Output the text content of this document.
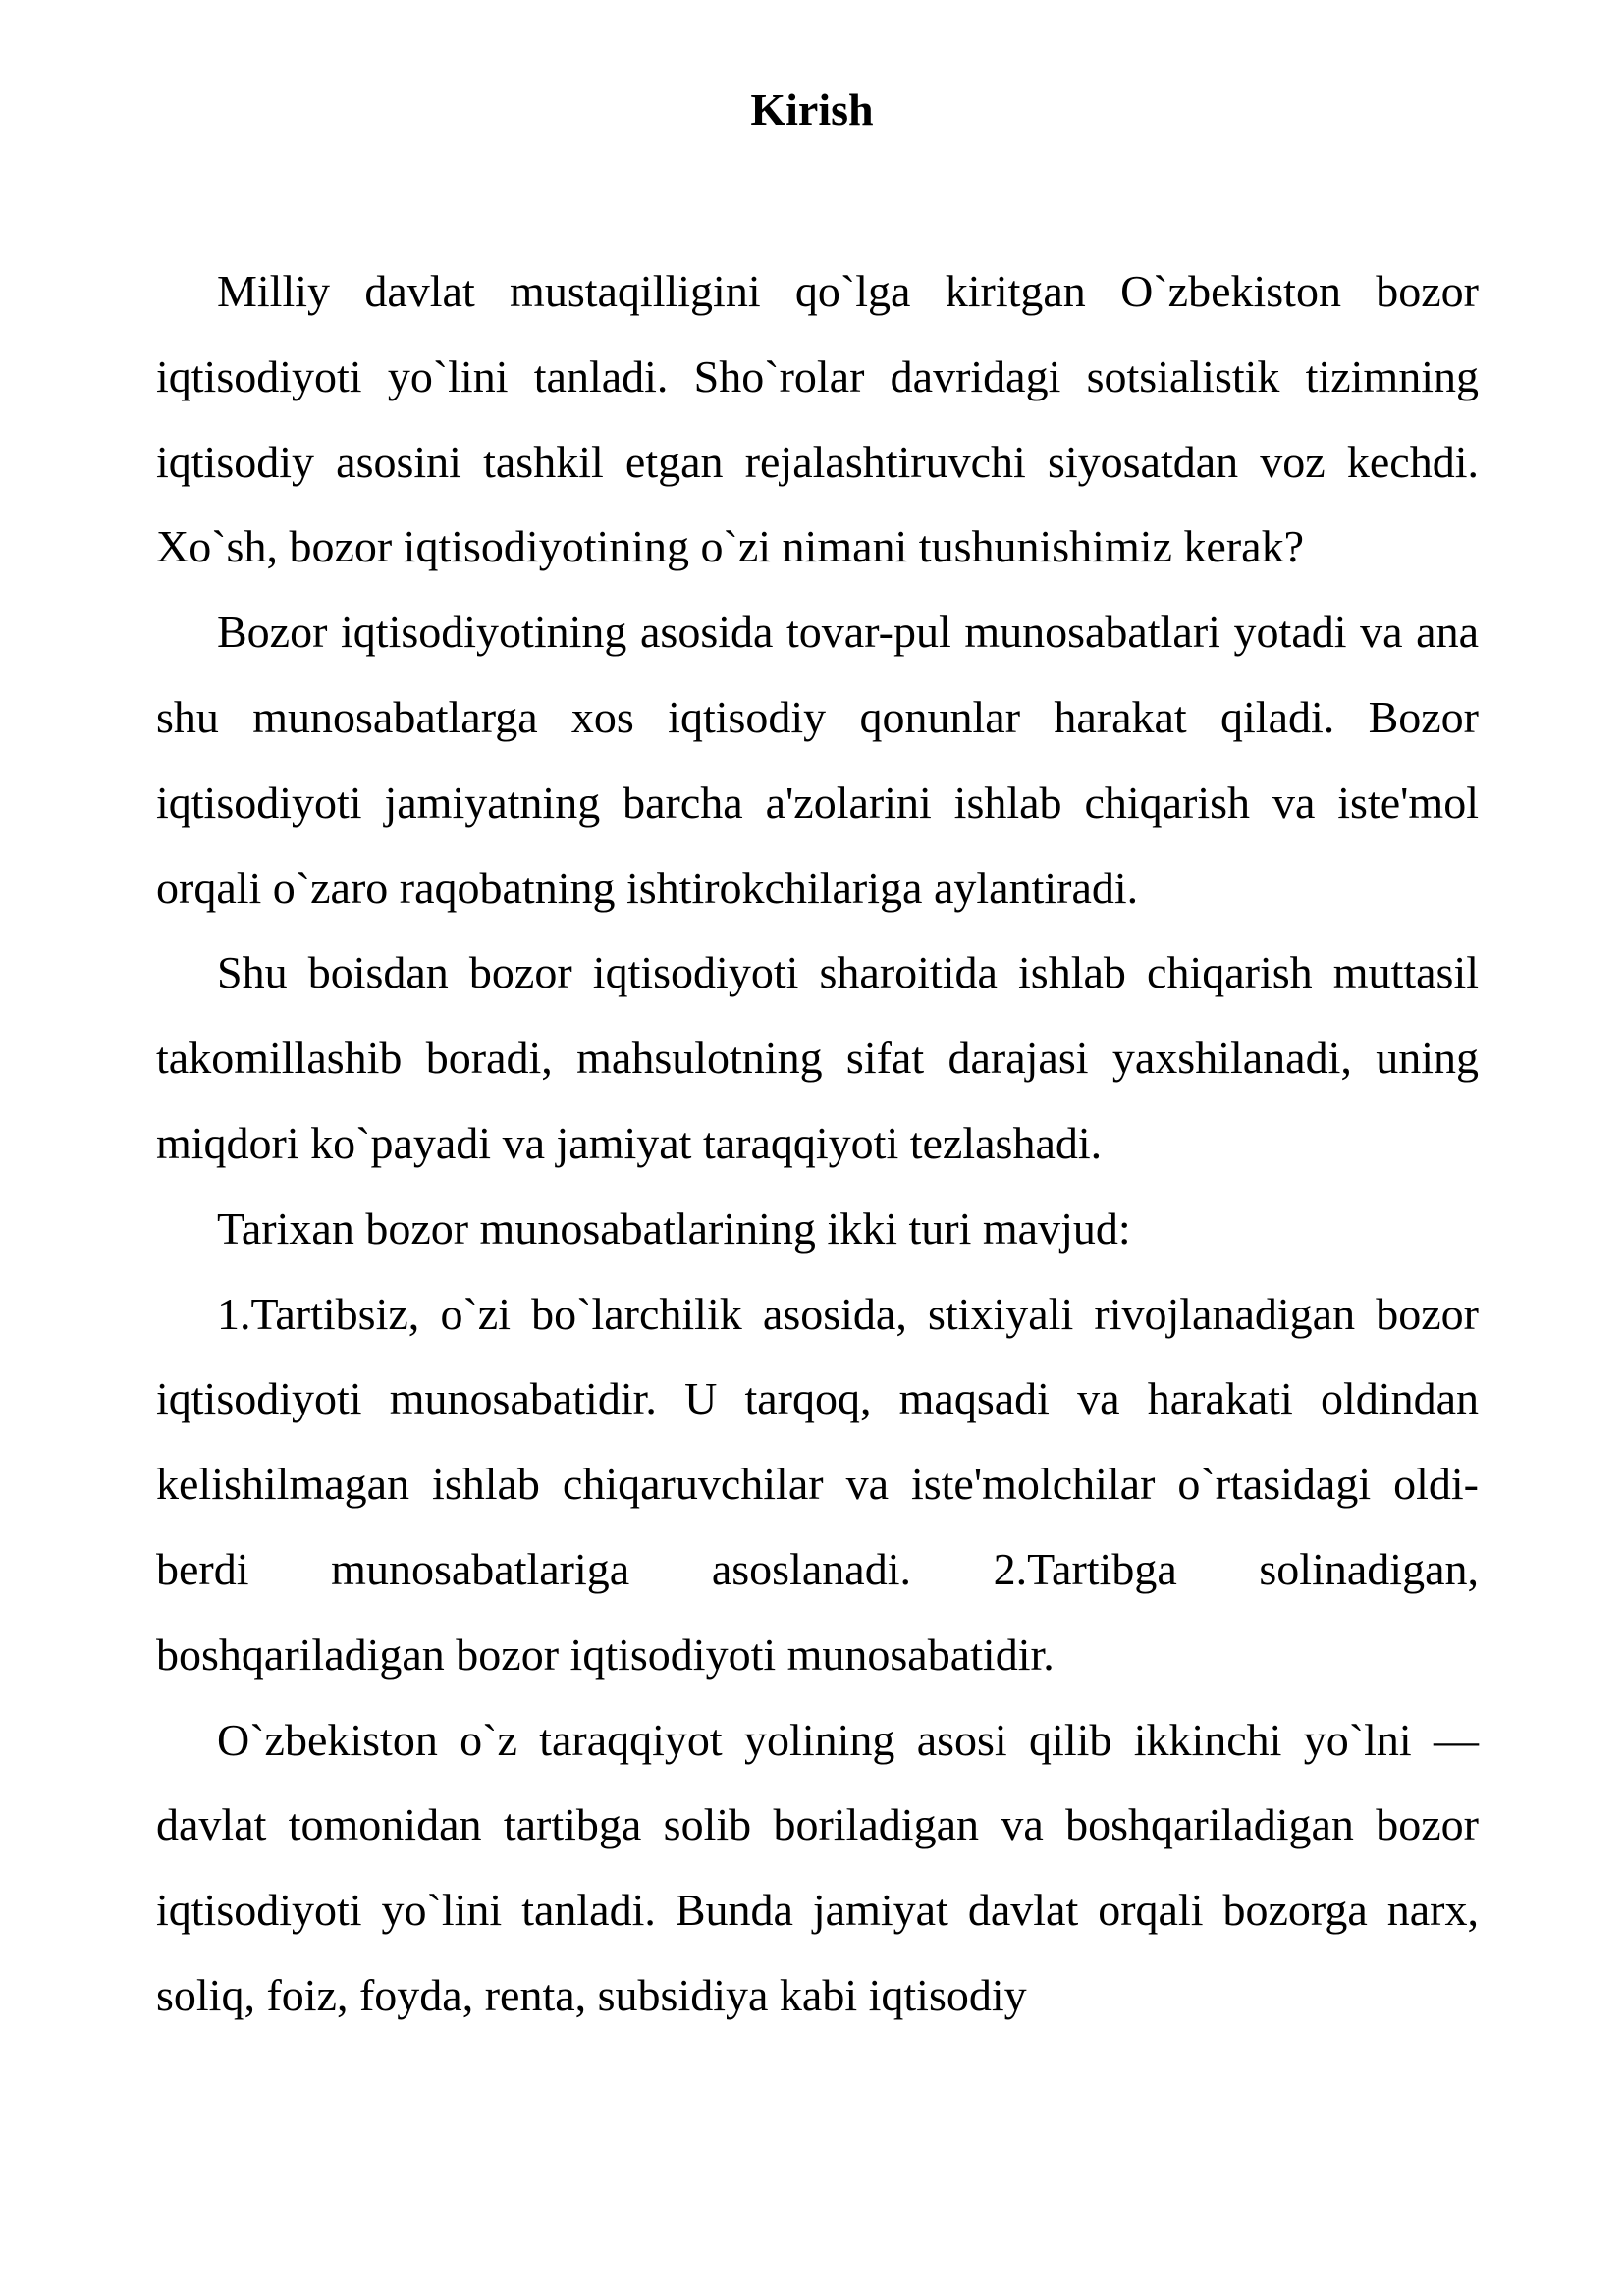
Kirish

Milliy davlat mustaqilligini qo`lga kiritgan O`zbekiston bozor iqtisodiyoti yo`lini tanladi. Sho`rolar davridagi sotsialistik tizimning iqtisodiy asosini tashkil etgan rejalashtiruvchi siyosatdan voz kechdi. Xo`sh, bozor iqtisodiyotining o`zi nimani tushunishimiz kerak?

Bozor iqtisodiyotining asosida tovar-pul munosabatlari yotadi va ana shu munosabatlarga xos iqtisodiy qonunlar harakat qiladi. Bozor iqtisodiyoti jamiyatning barcha a'zolarini ishlab chiqarish va iste'mol orqali o`zaro raqobatning ishtirokchilariga aylantiradi.

Shu boisdan bozor iqtisodiyoti sharoitida ishlab chiqarish muttasil takomillashib boradi, mahsulotning sifat darajasi yaxshilanadi, uning miqdori ko`payadi va jamiyat taraqqiyoti tezlashadi.

Tarixan bozor munosabatlarining ikki turi mavjud:

1.Tartibsiz, o`zi bo`larchilik asosida, stixiyali rivojlanadigan bozor iqtisodiyoti munosabatidir. U tarqoq, maqsadi va harakati oldindan kelishilmagan ishlab chiqaruvchilar va iste'molchilar o`rtasidagi oldi-berdi munosabatlariga asoslanadi. 2.Tartibga solinadigan, boshqariladigan bozor iqtisodiyoti munosabatidir.

O`zbekiston o`z taraqqiyot yolining asosi qilib ikkinchi yo`lni — davlat tomonidan tartibga solib boriladigan va boshqariladigan bozor iqtisodiyoti yo`lini tanladi. Bunda jamiyat davlat orqali bozorga narx, soliq, foiz, foyda, renta, subsidiya kabi iqtisodiy
